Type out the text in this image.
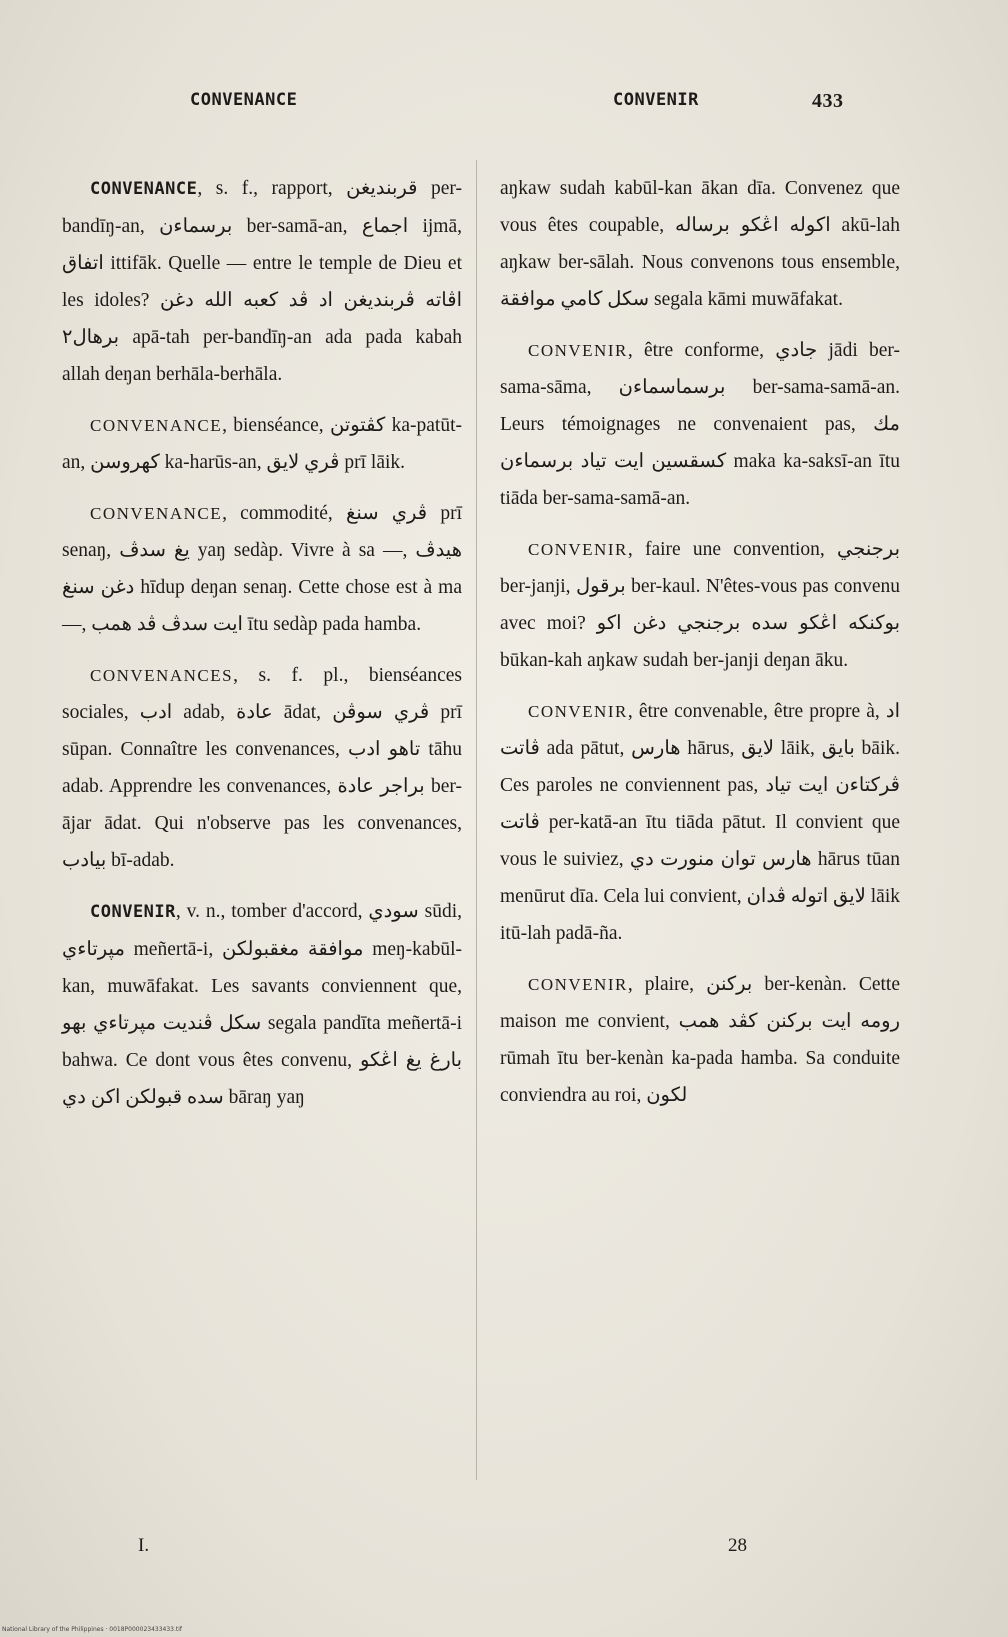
CONVENANCE	CONVENIR	433

CONVENANCE, s. f., rapport, قربنديغن per-bandīŋ-an, برسماءن ber-samā-an, اجماع ijmā, اتفاق ittifāk. Quelle — entre le temple de Dieu et les idoles? اڤاته ڤربنديغن اد ڤد كعبه الله دغن برهال٢ apā-tah per-bandīŋ-an ada pada kabah allah deŋan berhāla-berhāla.

CONVENANCE, bienséance, كڤتوتن ka-patūt-an, كهروسن ka-harūs-an, ڤري لايق prī lāik.

CONVENANCE, commodité, ڤري سنغ prī senaŋ, يغ سدڤ yaŋ sedàp. Vivre à sa —, هيدڤ دغن سنغ hīdup deŋan senaŋ. Cette chose est à ma —, ايت سدڤ ڤد همب ītu sedàp pada hamba.

CONVENANCES, s. f. pl., bienséances sociales, ادب adab, عادة ādat, ڤري سوڤن prī sūpan. Connaître les convenances, تاهو ادب tāhu adab. Apprendre les convenances, براجر عادة ber-ājar ādat. Qui n'observe pas les convenances, بيادب bī-adab.

CONVENIR, v. n., tomber d'accord, سودي sūdi, مپرتاءي meñertā-i, موافقة مغقبولكن meŋ-kabūl-kan, muwāfakat. Les savants conviennent que, سكل ڤنديت مپرتاءي بهو segala pandīta meñertā-i bahwa. Ce dont vous êtes convenu, بارغ يغ اڠكو سده قبولكن اكن دي bāraŋ yaŋ

aŋkaw sudah kabūl-kan ākan dīa. Convenez que vous êtes coupable, اكوله اڠكو برساله akū-lah aŋkaw ber-sālah. Nous convenons tous ensemble, سكل كامي موافقة segala kāmi muwāfakat.

CONVENIR, être conforme, جادي jādi ber-sama-sāma, برسماسماءن ber-sama-samā-an. Leurs témoignages ne convenaient pas, مك كسقسين ايت تياد برسماءن maka ka-saksī-an ītu tiāda ber-sama-samā-an.

CONVENIR, faire une convention, برجنجي ber-janji, برقول ber-kaul. N'êtes-vous pas convenu avec moi? بوكنكه اڠكو سده برجنجي دغن اكو būkan-kah aŋkaw sudah ber-janji deŋan āku.

CONVENIR, être convenable, être propre à, اد ڤاتت ada pātut, هارس hārus, لايق lāik, بايق bāik. Ces paroles ne conviennent pas, ڤركتاءن ايت تياد ڤاتت per-katā-an ītu tiāda pātut. Il convient que vous le suiviez, هارس توان منورت دي hārus tūan menūrut dīa. Cela lui convient, لايق اتوله ڤدان lāik itū-lah padā-ña.

CONVENIR, plaire, بركنن ber-kenàn. Cette maison me convient, رومه ايت بركنن كڤد همب rūmah ītu ber-kenàn ka-pada hamba. Sa conduite conviendra au roi, لكون

I.	28
National Library of the Philippines · 0018P000023433433.tif
